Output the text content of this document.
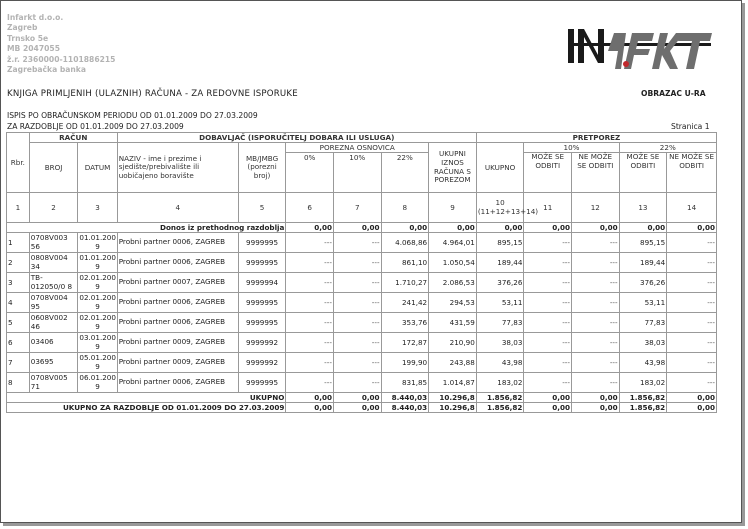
Infarkt d.o.o.
Zagreb
Trnsko 5e
MB 2047055
ž.r. 2360000-1101886215
Zagrebačka banka
KNJIGA PRIMLJENIH (ULAZNIH) RAČUNA - ZA REDOVNE ISPORUKE	OBRAZAC U-RA
ISPIS PO OBRAČUNSKOM PERIODU OD 01.01.2009 DO 27.03.2009
ZA RAZDOBLJE OD 01.01.2009 DO 27.03.2009	Stranica 1
Rbr.	RAČUN		DOBAVLJAČ (ISPORUČITELJ DOBARA ILI USLUGA)						PRETPOREZ				
	BROJ	DATUM	NAZIV - ime i prezime i sjedište/prebivalište ili uobičajeno boravište	MB/JMBG (porezni broj)	POREZNA OSNOVICA			UKUPNI IZNOS RAČUNA S POREZOM	UKUPNO	10%		22%	
					0%	10%	22%			MOŽE SE ODBITI	NE MOŽE SE ODBITI	MOŽE SE ODBITI	NE MOŽE SE ODBITI
1	2	3	4	5	6	7	8	9	10 (11+12+13+14)	11	12	13	14
Donos iz prethodnog razdoblja					0,00	0,00	0,00	0,00	0,00	0,00	0,00	0,00	0,00
1	0708V003 56	01.01.200 9	Probni partner 0006, ZAGREB	9999995	---	---	4.068,86	4.964,01	895,15	---	---	895,15	---
2	0808V004 34	01.01.200 9	Probni partner 0006, ZAGREB	9999995	---	---	861,10	1.050,54	189,44	---	---	189,44	---
3	TB-012050/0 8	02.01.200 9	Probni partner 0007, ZAGREB	9999994	---	---	1.710,27	2.086,53	376,26	---	---	376,26	---
4	0708V004 95	02.01.200 9	Probni partner 0006, ZAGREB	9999995	---	---	241,42	294,53	53,11	---	---	53,11	---
5	0608V002 46	02.01.200 9	Probni partner 0006, ZAGREB	9999995	---	---	353,76	431,59	77,83	---	---	77,83	---
6	03406	03.01.200 9	Probni partner 0009, ZAGREB	9999992	---	---	172,87	210,90	38,03	---	---	38,03	---
7	03695	05.01.200 9	Probni partner 0009, ZAGREB	9999992	---	---	199,90	243,88	43,98	---	---	43,98	---
8	0708V005 71	06.01.200 9	Probni partner 0006, ZAGREB	9999995	---	---	831,85	1.014,87	183,02	---	---	183,02	---
UKUPNO					0,00	0,00	8.440,03	10.296,8	1.856,82	0,00	0,00	1.856,82	0,00
UKUPNO ZA RAZDOBLJE OD 01.01.2009 DO 27.03.2009					0,00	0,00	8.440,03	10.296,8	1.856,82	0,00	0,00	1.856,82	0,00
